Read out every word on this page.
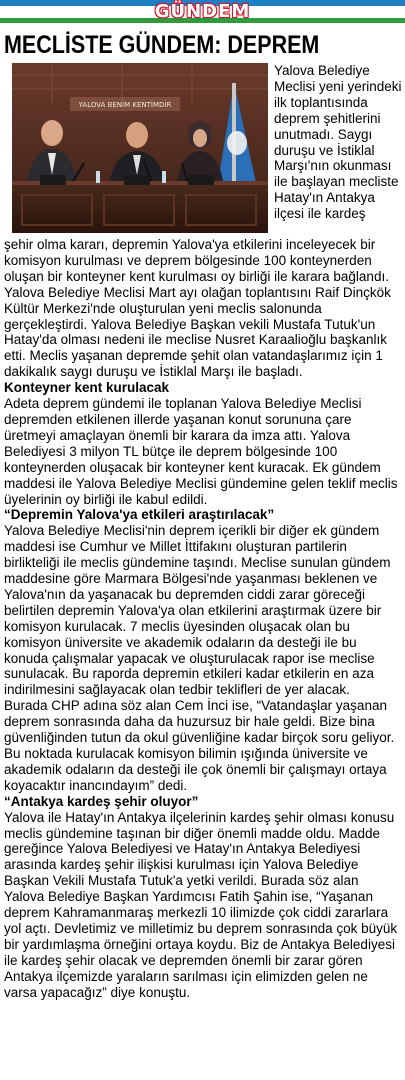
GÜNDEM
MECLİSTE GÜNDEM: DEPREM
YALOVA BENİM KENTİMDİR
Yalova Belediye Meclisi yeni yerindeki ilk toplantısında deprem şehitlerini unutmadı. Saygı duruşu ve İstiklal Marşı'nın okunması ile başlayan mecliste Hatay'ın Antakya ilçesi ile kardeş

şehir olma kararı, depremin Yalova'ya etkilerini inceleyecek bir komisyon kurulması ve deprem bölgesinde 100 konteynerden oluşan bir konteyner kent kurulması oy birliği ile karara bağlandı.

Yalova Belediye Meclisi Mart ayı olağan toplantısını Raif Dinçkök Kültür Merkezi'nde oluşturulan yeni meclis salonunda gerçekleştirdi. Yalova Belediye Başkan vekili Mustafa Tutuk'un Hatay'da olması nedeni ile meclise Nusret Karaalioğlu başkanlık etti. Meclis yaşanan depremde şehit olan vatandaşlarımız için 1 dakikalık saygı duruşu ve İstiklal Marşı ile başladı.

Konteyner kent kurulacak

Adeta deprem gündemi ile toplanan Yalova Belediye Meclisi depremden etkilenen illerde yaşanan konut sorununa çare üretmeyi amaçlayan önemli bir karara da imza attı. Yalova Belediyesi 3 milyon TL bütçe ile deprem bölgesinde 100 konteynerden oluşacak bir konteyner kent kuracak. Ek gündem maddesi ile Yalova Belediye Meclisi gündemine gelen teklif meclis üyelerinin oy birliği ile kabul edildi.

“Depremin Yalova'ya etkileri araştırılacak”

Yalova Belediye Meclisi'nin deprem içerikli bir diğer ek gündem maddesi ise Cumhur ve Millet İttifakını oluşturan partilerin birlikteliği ile meclis gündemine taşındı. Meclise sunulan gündem maddesine göre Marmara Bölgesi'nde yaşanması beklenen ve Yalova'nın da yaşanacak bu depremden ciddi zarar göreceği belirtilen depremin Yalova'ya olan etkilerini araştırmak üzere bir komisyon kurulacak. 7 meclis üyesinden oluşacak olan bu komisyon üniversite ve akademik odaların da desteği ile bu konuda çalışmalar yapacak ve oluşturulacak rapor ise meclise sunulacak. Bu raporda depremin etkileri kadar etkilerin en aza indirilmesini sağlayacak olan tedbir teklifleri de yer alacak.

Burada CHP adına söz alan Cem İnci ise, “Vatandaşlar yaşanan deprem sonrasında daha da huzursuz bir hale geldi. Bize bina güvenliğinden tutun da okul güvenliğine kadar birçok soru geliyor. Bu noktada kurulacak komisyon bilimin ışığında üniversite ve akademik odaların da desteği ile çok önemli bir çalışmayı ortaya koyacaktır inancındayım” dedi.

“Antakya kardeş şehir oluyor”

Yalova ile Hatay'ın Antakya ilçelerinin kardeş şehir olması konusu meclis gündemine taşınan bir diğer önemli madde oldu. Madde gereğince Yalova Belediyesi ve Hatay'ın Antakya Belediyesi arasında kardeş şehir ilişkisi kurulması için Yalova Belediye Başkan Vekili Mustafa Tutuk'a yetki verildi. Burada söz alan Yalova Belediye Başkan Yardımcısı Fatih Şahin ise, “Yaşanan deprem Kahramanmaraş merkezli 10 ilimizde çok ciddi zararlara yol açtı. Devletimiz ve milletimiz bu deprem sonrasında çok büyük bir yardımlaşma örneğini ortaya koydu. Biz de Antakya Belediyesi ile kardeş şehir olacak ve depremden önemli bir zarar gören Antakya ilçemizde yaraların sarılması için elimizden gelen ne varsa yapacağız” diye konuştu.
